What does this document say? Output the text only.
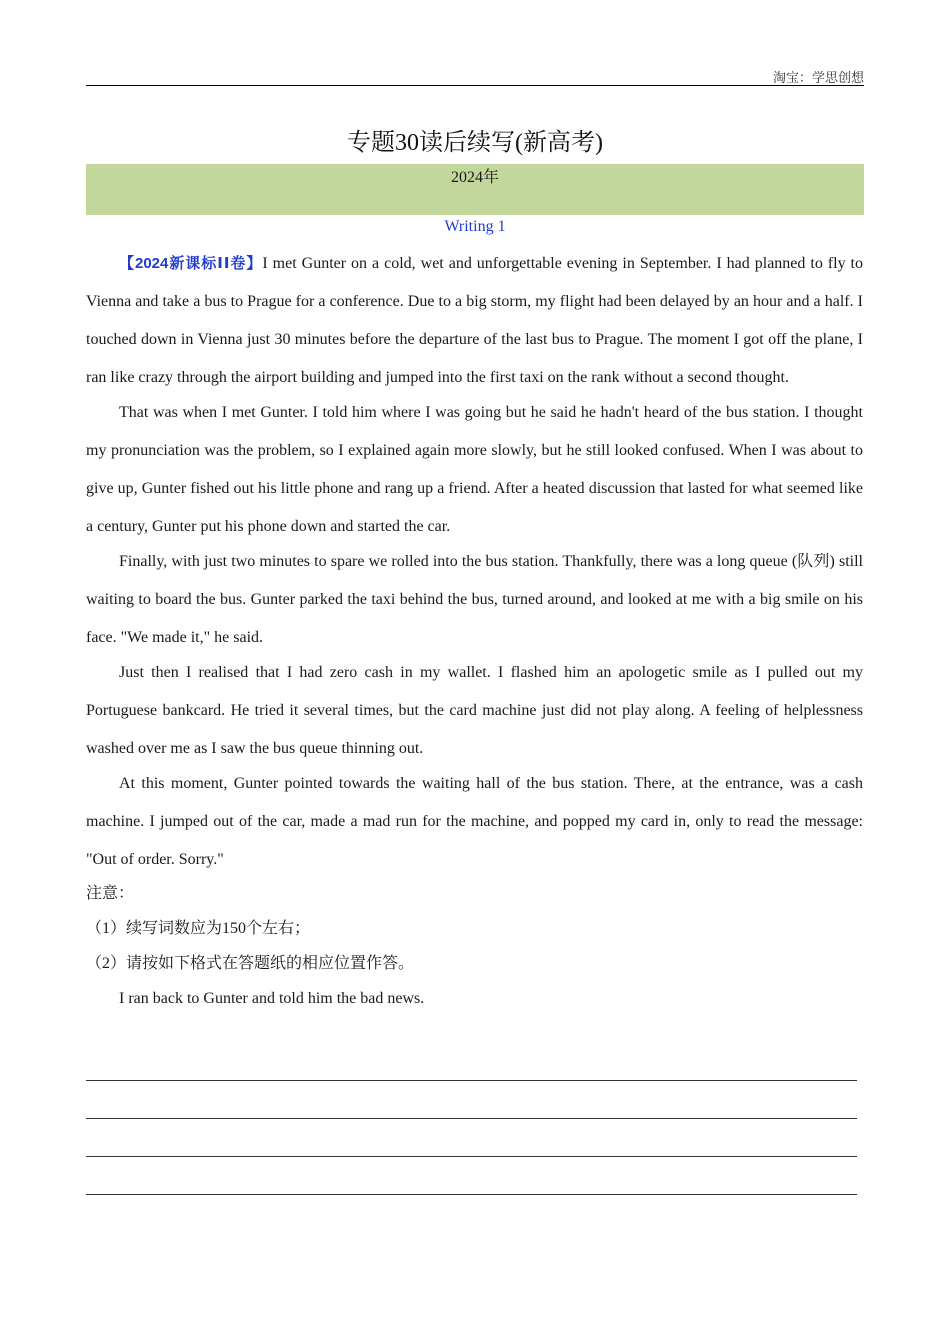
淘宝：学思创想
专题30读后续写(新高考)
2024年
Writing 1

【2024新课标ⅠⅠ卷】I met Gunter on a cold, wet and unforgettable evening in September. I had planned to fly to Vienna and take a bus to Prague for a conference. Due to a big storm, my flight had been delayed by an hour and a half. I touched down in Vienna just 30 minutes before the departure of the last bus to Prague. The moment I got off the plane, I ran like crazy through the airport building and jumped into the first taxi on the rank without a second thought.

That was when I met Gunter. I told him where I was going but he said he hadn't heard of the bus station. I thought my pronunciation was the problem, so I explained again more slowly, but he still looked confused. When I was about to give up, Gunter fished out his little phone and rang up a friend. After a heated discussion that lasted for what seemed like a century, Gunter put his phone down and started the car.

Finally, with just two minutes to spare we rolled into the bus station. Thankfully, there was a long queue (队列) still waiting to board the bus. Gunter parked the taxi behind the bus, turned around, and looked at me with a big smile on his face. "We made it," he said.

Just then I realised that I had zero cash in my wallet. I flashed him an apologetic smile as I pulled out my Portuguese bankcard. He tried it several times, but the card machine just did not play along. A feeling of helplessness washed over me as I saw the bus queue thinning out.

At this moment, Gunter pointed towards the waiting hall of the bus station. There, at the entrance, was a cash machine. I jumped out of the car, made a mad run for the machine, and popped my card in, only to read the message: "Out of order. Sorry."

注意：

（1）续写词数应为150个左右；

（2）请按如下格式在答题纸的相应位置作答。

I ran back to Gunter and told him the bad news.
